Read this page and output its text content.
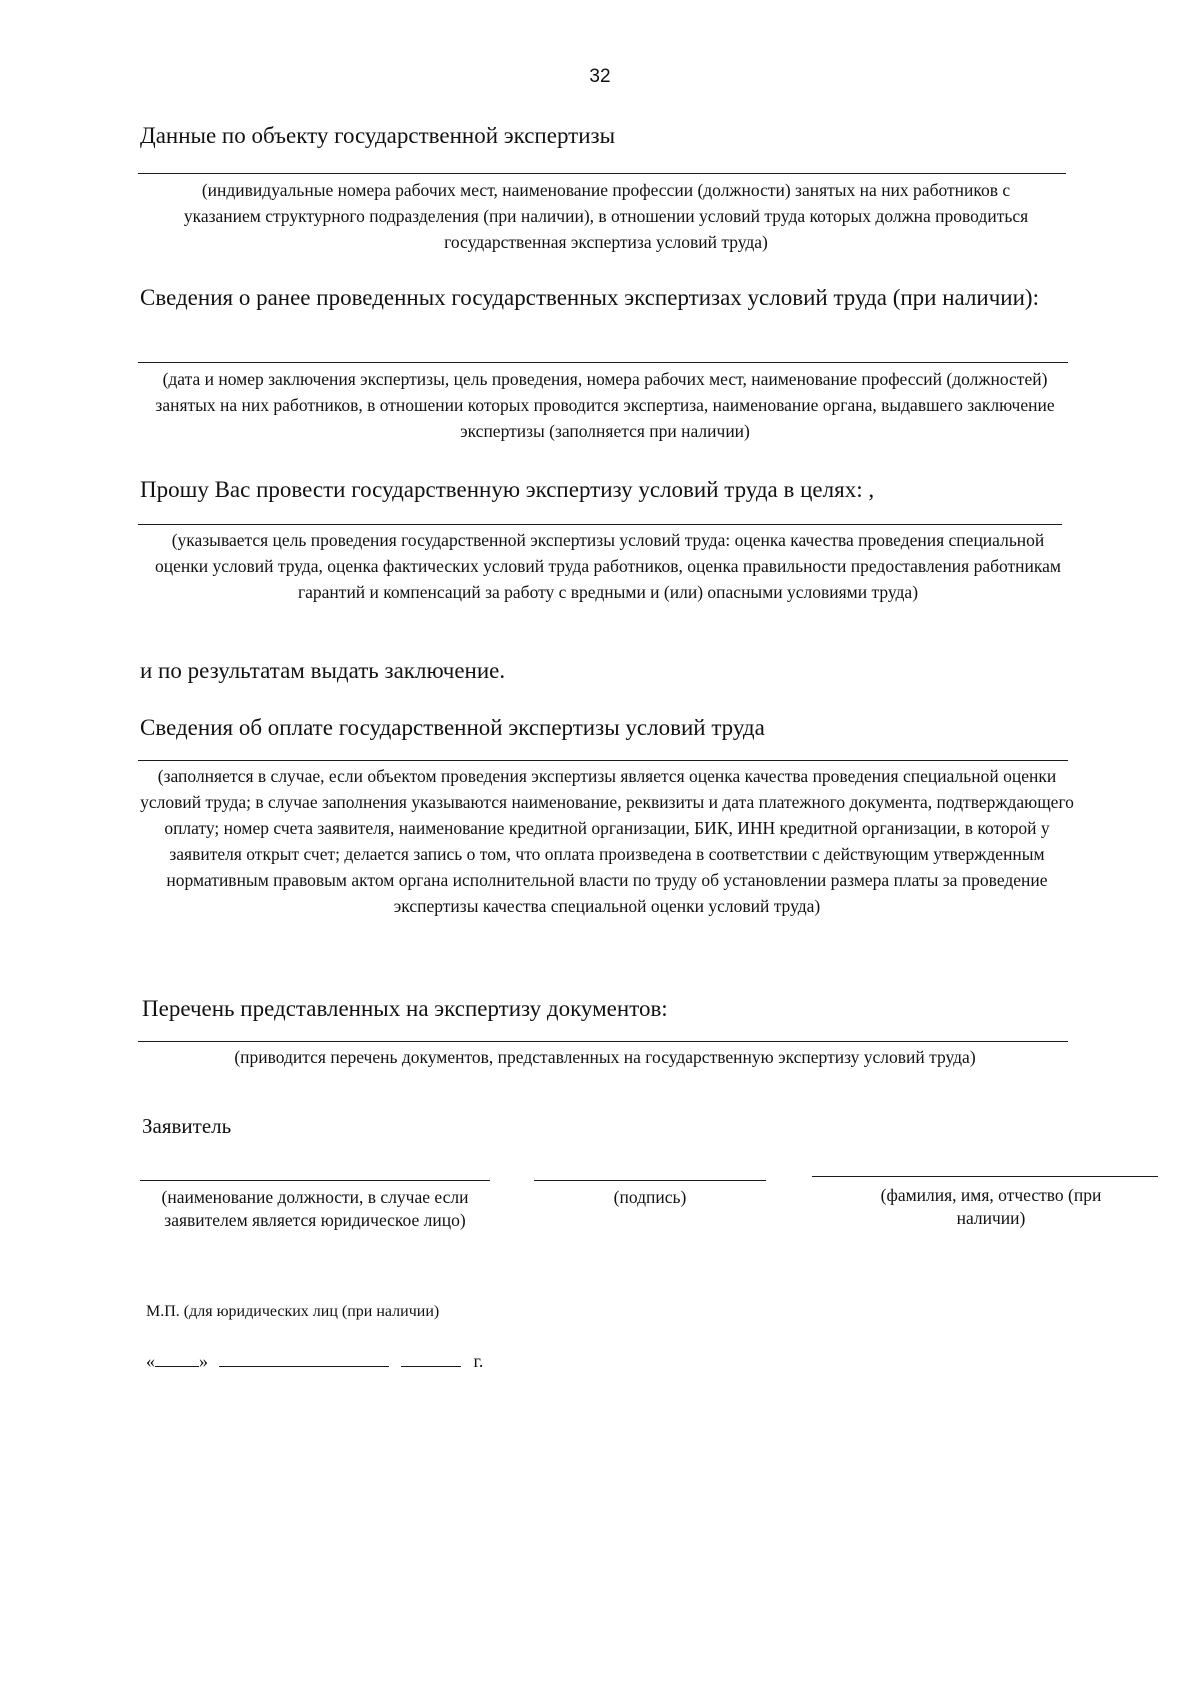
32
Данные по объекту государственной экспертизы
(индивидуальные номера рабочих мест, наименование профессии (должности) занятых на них работников с указанием структурного подразделения (при наличии), в отношении условий труда которых должна проводиться государственная экспертиза условий труда)
Сведения о ранее проведенных государственных экспертизах условий труда (при наличии):
(дата и номер заключения экспертизы, цель проведения, номера рабочих мест, наименование профессий (должностей) занятых на них работников, в отношении которых проводится экспертиза, наименование органа, выдавшего заключение экспертизы (заполняется при наличии)
Прошу Вас провести государственную экспертизу условий труда в целях: ,
(указывается цель проведения государственной экспертизы условий труда: оценка качества проведения специальной оценки условий труда, оценка фактических условий труда работников, оценка правильности предоставления работникам гарантий и компенсаций за работу с вредными и (или) опасными условиями труда)
и по результатам выдать заключение.
Сведения об оплате государственной экспертизы условий труда
(заполняется в случае, если объектом проведения экспертизы является оценка качества проведения специальной оценки условий труда; в случае заполнения указываются наименование, реквизиты и дата платежного документа, подтверждающего оплату; номер счета заявителя, наименование кредитной организации, БИК, ИНН кредитной организации, в которой у заявителя открыт счет; делается запись о том, что оплата произведена в соответствии с действующим утвержденным нормативным правовым актом органа исполнительной власти по труду об установлении размера платы за проведение экспертизы качества специальной оценки условий труда)
Перечень представленных на экспертизу документов:
(приводится перечень документов, представленных на государственную экспертизу условий труда)
Заявитель
(наименование должности, в случае если заявителем является юридическое лицо)
(подпись)	(фамилия, имя, отчество (при наличии)
М.П. (для юридических лиц (при наличии)
« »	г.
